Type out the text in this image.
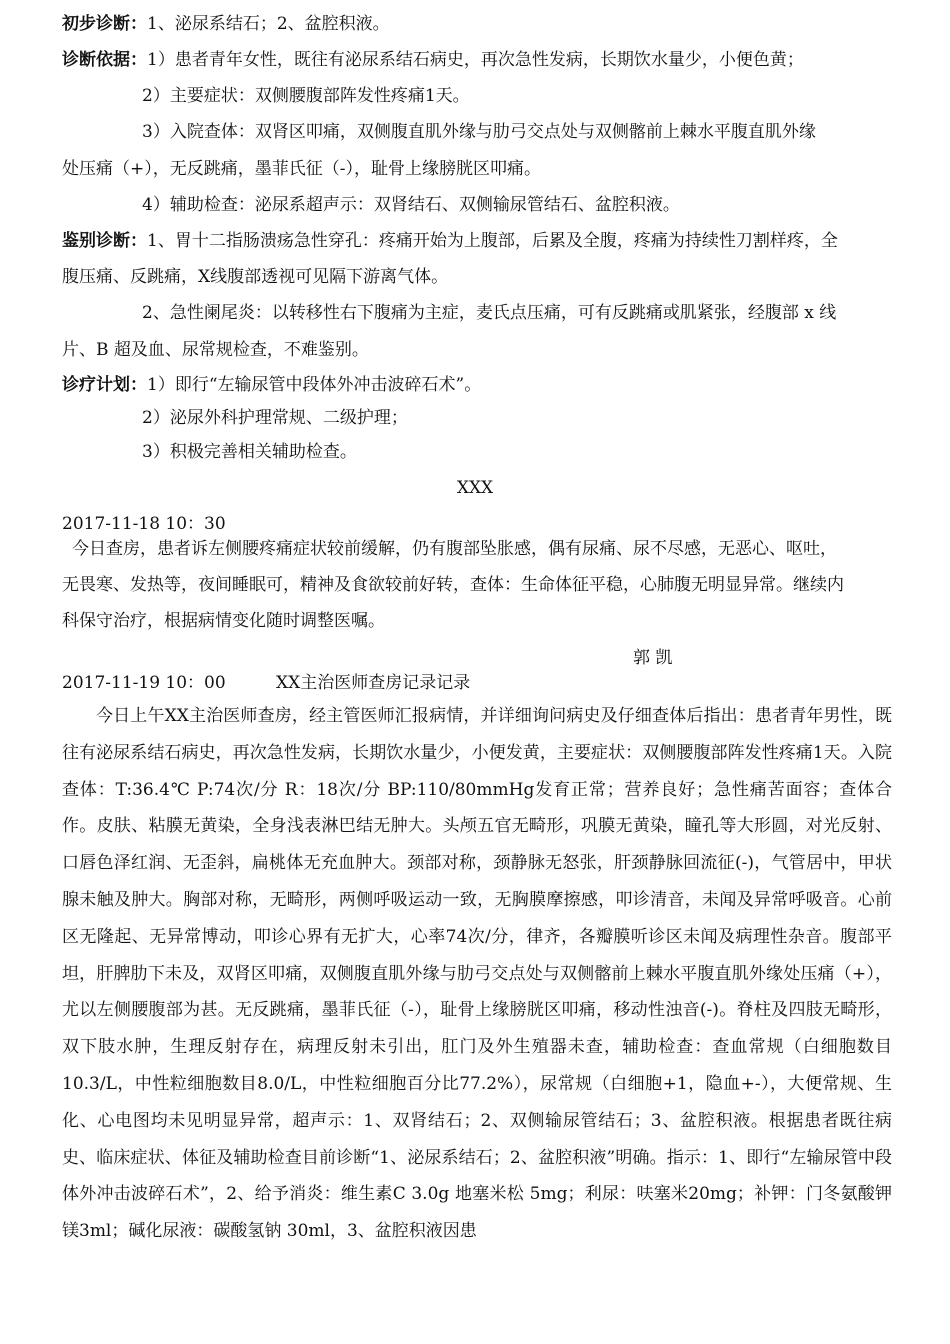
初步诊断：1、泌尿系结石；2、盆腔积液。
诊断依据：1）患者青年女性，既往有泌尿系结石病史，再次急性发病，长期饮水量少，小便色黄；
2）主要症状：双侧腰腹部阵发性疼痛1天。
3）入院查体：双肾区叩痛，双侧腹直肌外缘与肋弓交点处与双侧髂前上棘水平腹直肌外缘
处压痛（+），无反跳痛，墨菲氏征（-），耻骨上缘膀胱区叩痛。
4）辅助检查：泌尿系超声示：双肾结石、双侧输尿管结石、盆腔积液。
鉴别诊断：1、胃十二指肠溃疡急性穿孔：疼痛开始为上腹部，后累及全腹，疼痛为持续性刀割样疼，全
腹压痛、反跳痛，X线腹部透视可见隔下游离气体。
2、急性阑尾炎：以转移性右下腹痛为主症，麦氏点压痛，可有反跳痛或肌紧张，经腹部 x 线
片、B 超及血、尿常规检查，不难鉴别。
诊疗计划：1）即行“左输尿管中段体外冲击波碎石术”。
2）泌尿外科护理常规、二级护理；
3）积极完善相关辅助检查。
XXX
2017-11-18 10：30
今日查房，患者诉左侧腰疼痛症状较前缓解，仍有腹部坠胀感，偶有尿痛、尿不尽感，无恶心、呕吐，
无畏寒、发热等，夜间睡眠可，精神及食欲较前好转，查体：生命体征平稳，心肺腹无明显异常。继续内
科保守治疗，根据病情变化随时调整医嘱。
郭 凯
2017-11-19 10：00	XX主治医师查房记录记录
今日上午XX主治医师查房，经主管医师汇报病情，并详细询问病史及仔细查体后指出：患者青年男性，既往有泌尿系结石病史，再次急性发病，长期饮水量少，小便发黄，主要症状：双侧腰腹部阵发性疼痛1天。入院查体：T:36.4℃ P:74次/分 R：18次/分 BP:110/80mmHg发育正常；营养良好；急性痛苦面容；查体合作。皮肤、粘膜无黄染，全身浅表淋巴结无肿大。头颅五官无畸形，巩膜无黄染，瞳孔等大形圆，对光反射、口唇色泽红润、无歪斜，扁桃体无充血肿大。颈部对称，颈静脉无怒张，肝颈静脉回流征(-)，气管居中，甲状腺未触及肿大。胸部对称，无畸形，两侧呼吸运动一致，无胸膜摩擦感，叩诊清音，未闻及异常呼吸音。心前区无隆起、无异常博动，叩诊心界有无扩大，心率74次/分，律齐，各瓣膜听诊区未闻及病理性杂音。腹部平坦，肝脾肋下未及，双肾区叩痛，双侧腹直肌外缘与肋弓交点处与双侧髂前上棘水平腹直肌外缘处压痛（+），尤以左侧腰腹部为甚。无反跳痛，墨菲氏征（-），耻骨上缘膀胱区叩痛，移动性浊音(-)。脊柱及四肢无畸形，双下肢水肿，生理反射存在，病理反射未引出，肛门及外生殖器未查，辅助检查：查血常规（白细胞数目10.3/L，中性粒细胞数目8.0/L，中性粒细胞百分比77.2%），尿常规（白细胞+1，隐血+-），大便常规、生化、心电图均未见明显异常，超声示：1、双肾结石；2、双侧输尿管结石；3、盆腔积液。根据患者既往病史、临床症状、体征及辅助检查目前诊断“1、泌尿系结石；2、盆腔积液”明确。指示：1、即行“左输尿管中段体外冲击波碎石术”，2、给予消炎：维生素C 3.0g 地塞米松 5mg；利尿：呋塞米20mg；补钾：门冬氨酸钾镁3ml；碱化尿液：碳酸氢钠 30ml，3、盆腔积液因患
